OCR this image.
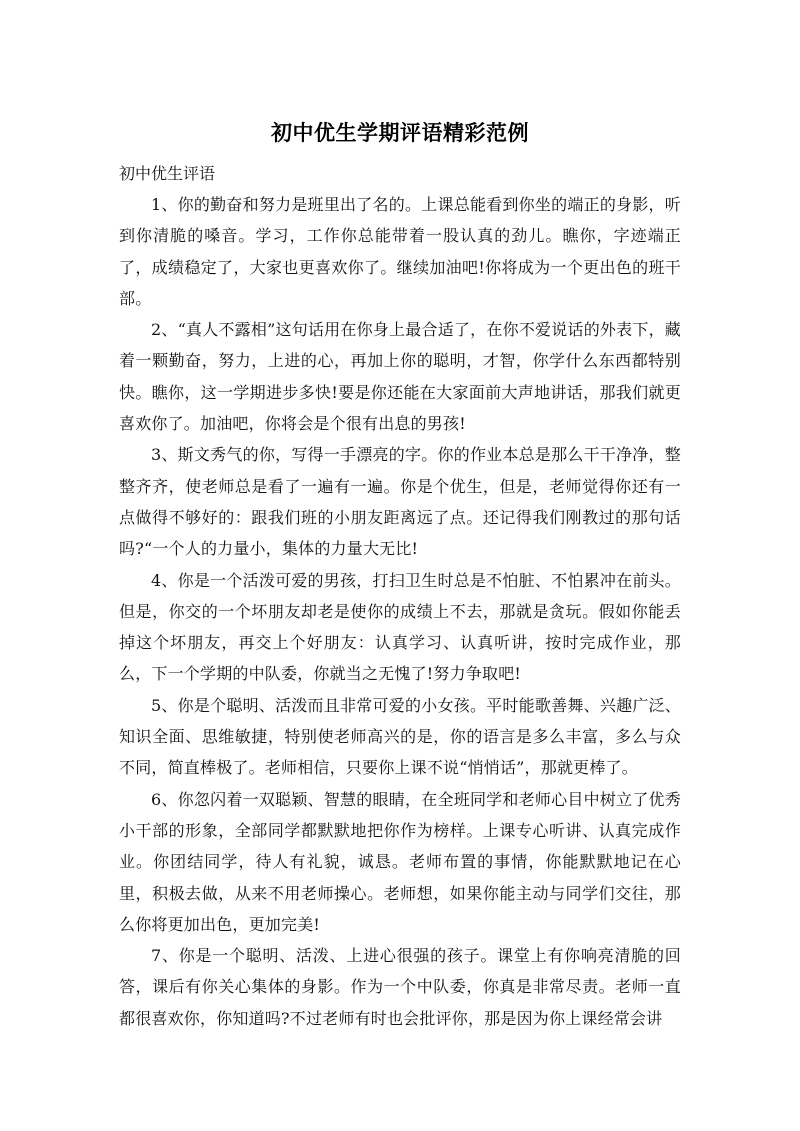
初中优生学期评语精彩范例

初中优生评语

1、你的勤奋和努力是班里出了名的。上课总能看到你坐的端正的身影，听到你清脆的嗓音。学习，工作你总能带着一股认真的劲儿。瞧你，字迹端正了，成绩稳定了，大家也更喜欢你了。继续加油吧!你将成为一个更出色的班干部。

2、“真人不露相”这句话用在你身上最合适了，在你不爱说话的外表下，藏着一颗勤奋，努力，上进的心，再加上你的聪明，才智，你学什么东西都特别快。瞧你，这一学期进步多快!要是你还能在大家面前大声地讲话，那我们就更喜欢你了。加油吧，你将会是个很有出息的男孩!

3、斯文秀气的你，写得一手漂亮的字。你的作业本总是那么干干净净，整整齐齐，使老师总是看了一遍有一遍。你是个优生，但是，老师觉得你还有一点做得不够好的：跟我们班的小朋友距离远了点。还记得我们刚教过的那句话吗?“一个人的力量小，集体的力量大无比!

4、你是一个活泼可爱的男孩，打扫卫生时总是不怕脏、不怕累冲在前头。但是，你交的一个坏朋友却老是使你的成绩上不去，那就是贪玩。假如你能丢掉这个坏朋友，再交上个好朋友：认真学习、认真听讲，按时完成作业，那么，下一个学期的中队委，你就当之无愧了!努力争取吧!

5、你是个聪明、活泼而且非常可爱的小女孩。平时能歌善舞、兴趣广泛、知识全面、思维敏捷，特别使老师高兴的是，你的语言是多么丰富，多么与众不同，简直棒极了。老师相信，只要你上课不说“悄悄话”，那就更棒了。

6、你忽闪着一双聪颖、智慧的眼睛，在全班同学和老师心目中树立了优秀小干部的形象，全部同学都默默地把你作为榜样。上课专心听讲、认真完成作业。你团结同学，待人有礼貌，诚恳。老师布置的事情，你能默默地记在心里，积极去做，从来不用老师操心。老师想，如果你能主动与同学们交往，那么你将更加出色，更加完美!

7、你是一个聪明、活泼、上进心很强的孩子。课堂上有你响亮清脆的回答，课后有你关心集体的身影。作为一个中队委，你真是非常尽责。老师一直都很喜欢你，你知道吗?不过老师有时也会批评你，那是因为你上课经常会讲
